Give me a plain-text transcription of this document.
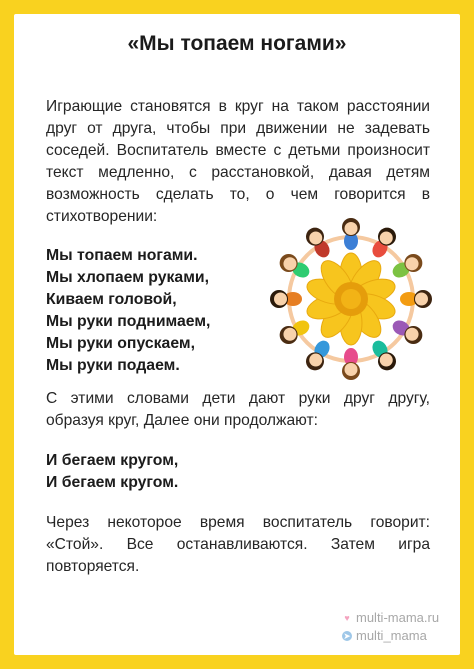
«Мы топаем ногами»
Играющие становятся в круг на таком расстоянии
друг от друга, чтобы при движении не задевать
соседей. Воспитатель вместе с детьми произносит
текст медленно, с расстановкой, давая детям
возможность сделать то, о чем говорится в
стихотворении:
Мы топаем ногами.
Мы хлопаем руками,
Киваем головой,
Мы руки поднимаем,
Мы руки опускаем,
Мы руки подаем.
С этими словами дети дают руки друг другу,
образуя круг, Далее они продолжают:
И бегаем кругом,
И бегаем кругом.
Через некоторое время воспитатель говорит:
«Стой». Все останавливаются. Затем игра
повторяется.
♥ multi-mama.ru
➤ multi_mama
